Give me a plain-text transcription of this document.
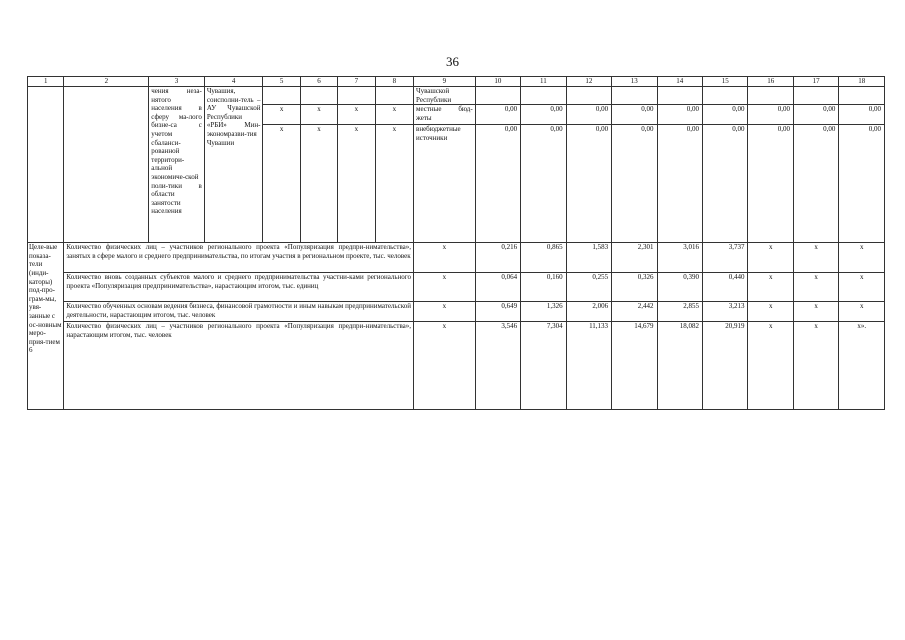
36
1	2	3	4	5	6	7	8	9	10	11	12	13	14	15	16	17	18
		чения неза-нятого населения в сферу ма-лого бизне-са с учетом сбаланси-рованной территори-альной экономиче-ской поли-тики в области занятости населения	Чувашия, соисполни-тель – АУ Чувашской Республики «РБИ» Мин-экономразви-тия Чувашии					Чувашской Республики									
				x	x	x	x	местные бюд-жеты	0,00	0,00	0,00	0,00	0,00	0,00	0,00	0,00	0,00
				x	x	x	x	внебюджетные источники	0,00	0,00	0,00	0,00	0,00	0,00	0,00	0,00	0,00
Целе-вые показа-тели (инди-каторы) под-про-грам-мы, увя-занные с ос-новным меро-прия-тием 6	Количество физических лиц – участников регионального проекта «Популяризация предпри-нимательства», занятых в сфере малого и среднего предпринимательства, по итогам участия в региональном проекте, тыс. человек							x	0,216	0,865	1,583	2,301	3,016	3,737	x	x	x
	Количество вновь созданных субъектов малого и среднего предпринимательства участни-ками регионального проекта «Популяризация предпринимательства», нарастающим итогом, тыс. единиц							x	0,064	0,160	0,255	0,326	0,390	0,440	x	x	x
	Количество обученных основам ведения бизнеса, финансовой грамотности и иным навыкам предпринимательской деятельности, нарастающим итогом, тыс. человек							x	0,649	1,326	2,006	2,442	2,855	3,213	x	x	x
	Количество физических лиц – участников регионального проекта «Популяризация предпри-нимательства», нарастающим итогом, тыс. человек							x	3,546	7,304	11,133	14,679	18,082	20,919	x	x	x».
